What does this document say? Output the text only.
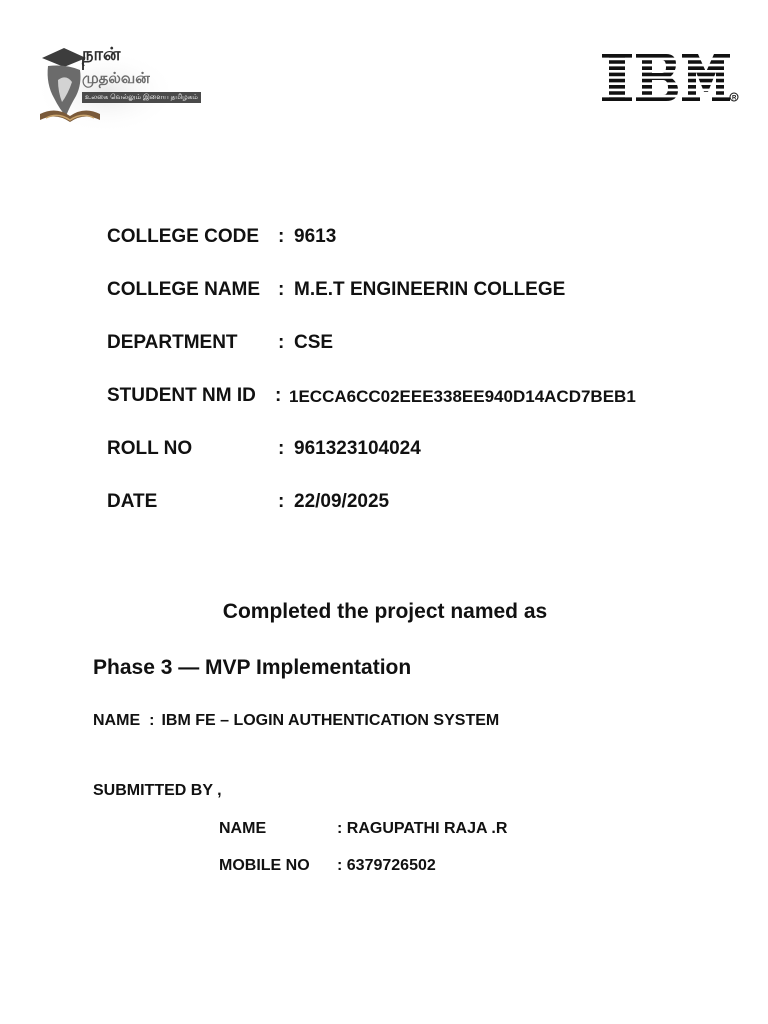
நான்
முதல்வன்
உலகை வெல்லும் இளைய தமிழகம்	R
COLLEGE CODE : 9613
COLLEGE NAME : M.E.T ENGINEERIN COLLEGE
DEPARTMENT : CSE
STUDENT NM ID : 1ECCA6CC02EEE338EE940D14ACD7BEB1
ROLL NO	: 961323104024
DATE	: 22/09/2025
Completed the project named as
Phase 3 — MVP Implementation
NAME : IBM FE – LOGIN AUTHENTICATION SYSTEM
SUBMITTED BY ,
NAME	: RAGUPATHI RAJA .R
MOBILE NO : 6379726502
